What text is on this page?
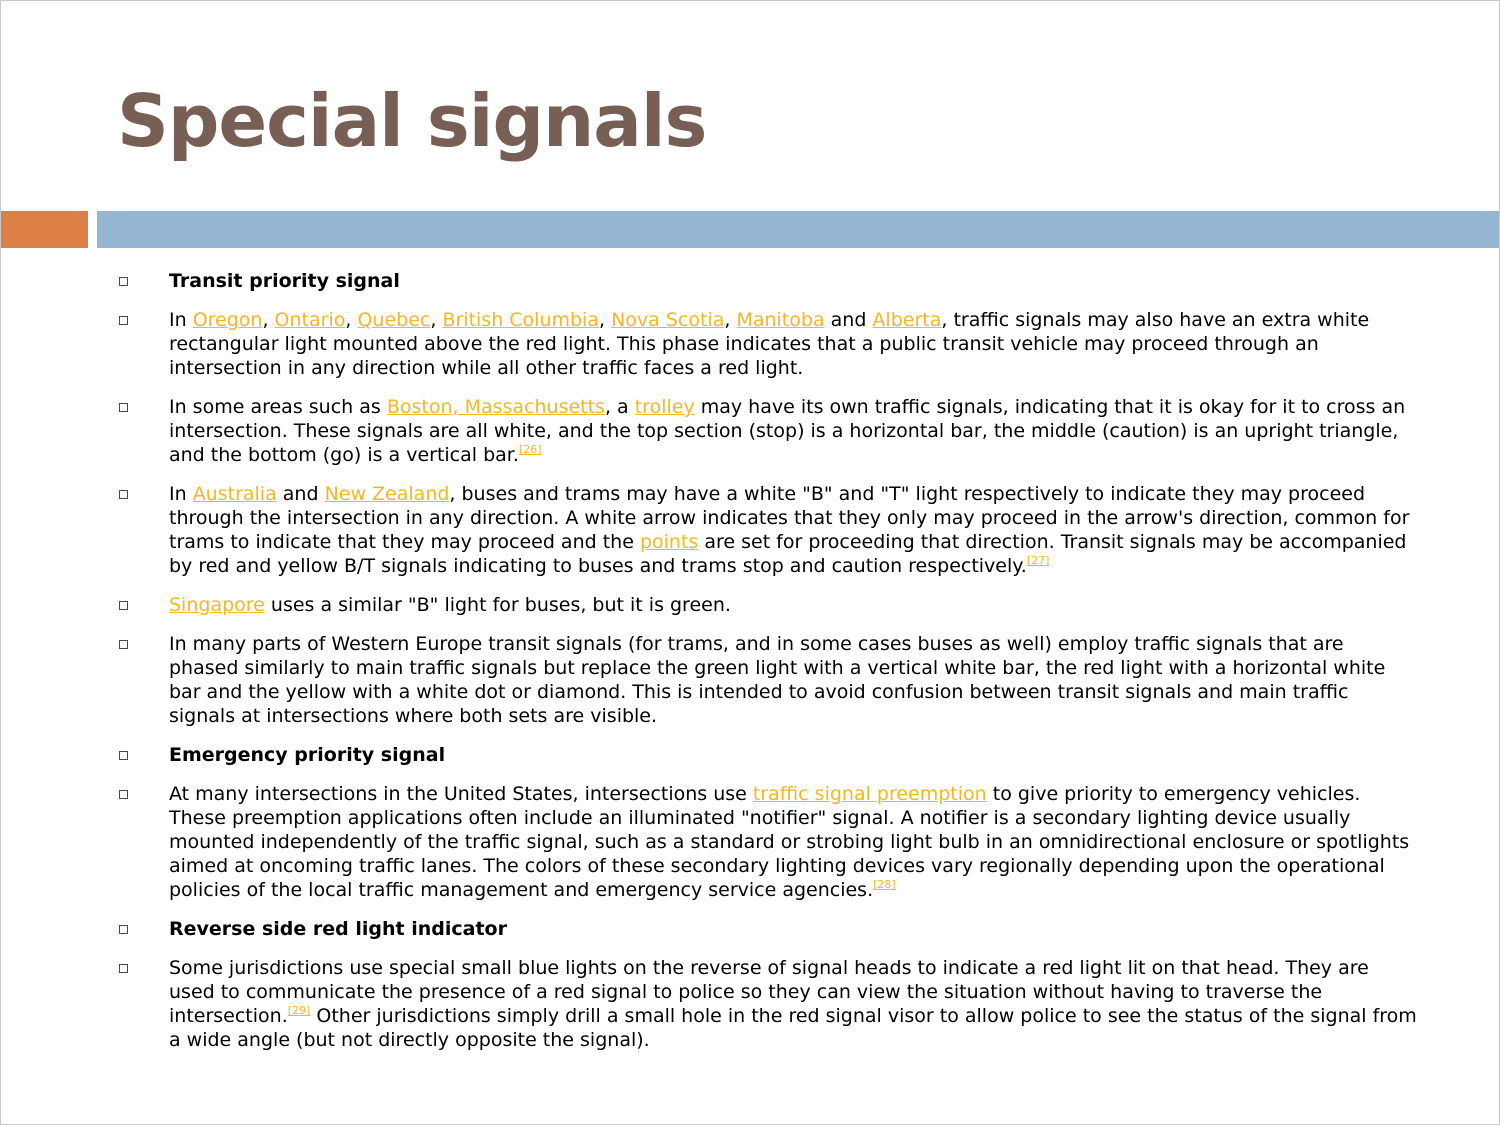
Special signals
Transit priority signal
In Oregon, Ontario, Quebec, British Columbia, Nova Scotia, Manitoba and Alberta, traffic signals may also have an extra white rectangular light mounted above the red light. This phase indicates that a public transit vehicle may proceed through an intersection in any direction while all other traffic faces a red light.
In some areas such as Boston, Massachusetts, a trolley may have its own traffic signals, indicating that it is okay for it to cross an intersection. These signals are all white, and the top section (stop) is a horizontal bar, the middle (caution) is an upright triangle, and the bottom (go) is a vertical bar.[26]
In Australia and New Zealand, buses and trams may have a white "B" and "T" light respectively to indicate they may proceed through the intersection in any direction. A white arrow indicates that they only may proceed in the arrow's direction, common for trams to indicate that they may proceed and the points are set for proceeding that direction. Transit signals may be accompanied by red and yellow B/T signals indicating to buses and trams stop and caution respectively.[27]
Singapore uses a similar "B" light for buses, but it is green.
In many parts of Western Europe transit signals (for trams, and in some cases buses as well) employ traffic signals that are phased similarly to main traffic signals but replace the green light with a vertical white bar, the red light with a horizontal white bar and the yellow with a white dot or diamond. This is intended to avoid confusion between transit signals and main traffic signals at intersections where both sets are visible.
Emergency priority signal
At many intersections in the United States, intersections use traffic signal preemption to give priority to emergency vehicles. These preemption applications often include an illuminated "notifier" signal. A notifier is a secondary lighting device usually mounted independently of the traffic signal, such as a standard or strobing light bulb in an omnidirectional enclosure or spotlights aimed at oncoming traffic lanes. The colors of these secondary lighting devices vary regionally depending upon the operational policies of the local traffic management and emergency service agencies.[28]
Reverse side red light indicator
Some jurisdictions use special small blue lights on the reverse of signal heads to indicate a red light lit on that head. They are used to communicate the presence of a red signal to police so they can view the situation without having to traverse the intersection.[29] Other jurisdictions simply drill a small hole in the red signal visor to allow police to see the status of the signal from a wide angle (but not directly opposite the signal).
